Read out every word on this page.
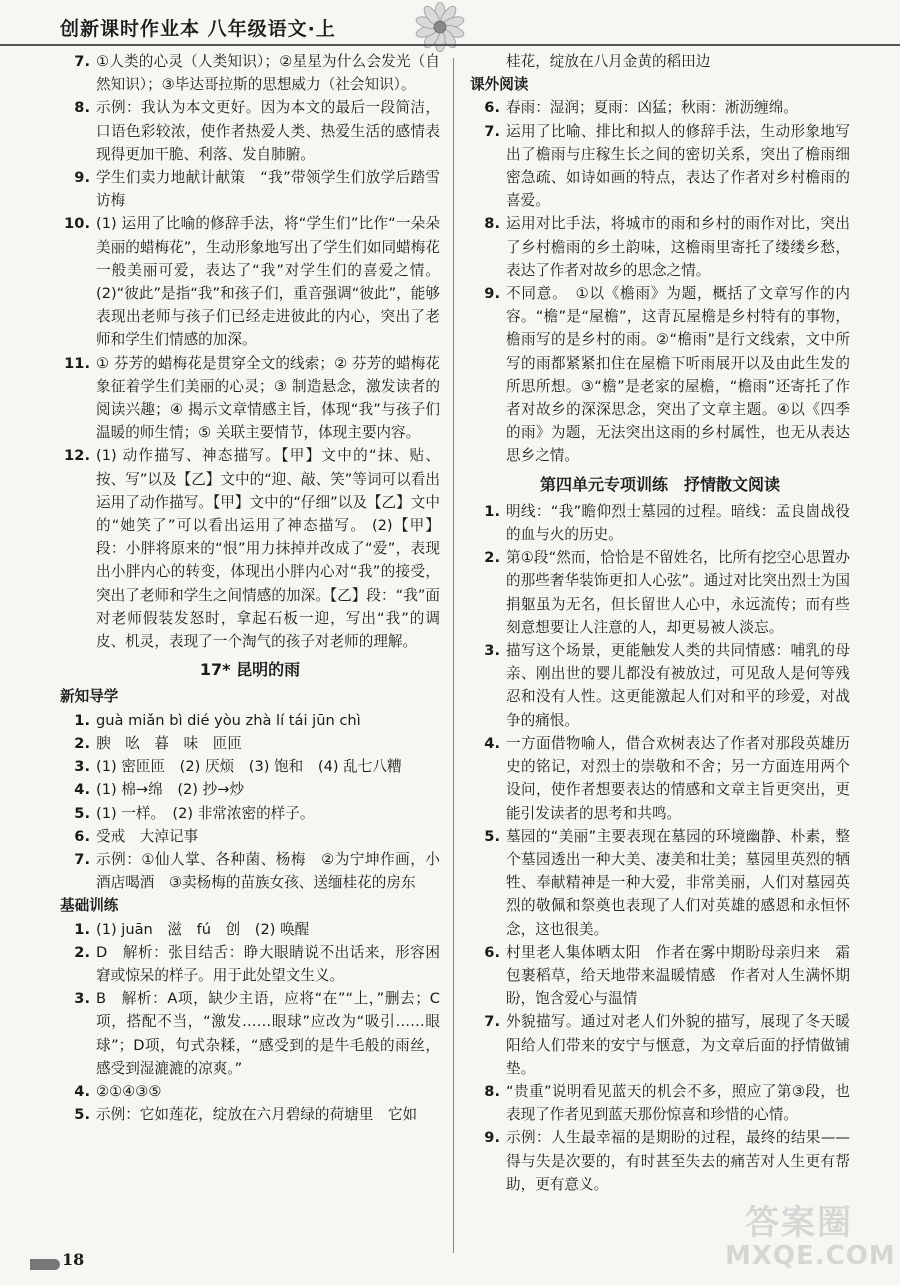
创新课时作业本 八年级语文·上
7. ①人类的心灵（人类知识）；②星星为什么会发光（自然知识）；③毕达哥拉斯的思想威力（社会知识）。
8. 示例：我认为本文更好。因为本文的最后一段简洁，口语色彩较浓，使作者热爱人类、热爱生活的感情表现得更加干脆、利落、发自肺腑。
9. 学生们卖力地献计献策　“我”带领学生们放学后踏雪访梅
10. (1) 运用了比喻的修辞手法，将“学生们”比作“一朵朵美丽的蜡梅花”，生动形象地写出了学生们如同蜡梅花一般美丽可爱，表达了“我”对学生们的喜爱之情。 (2)“彼此”是指“我”和孩子们，重音强调“彼此”，能够表现出老师与孩子们已经走进彼此的内心，突出了老师和学生们情感的加深。
11. ① 芬芳的蜡梅花是贯穿全文的线索；② 芬芳的蜡梅花象征着学生们美丽的心灵；③ 制造悬念，激发读者的阅读兴趣；④ 揭示文章情感主旨，体现“我”与孩子们温暖的师生情；⑤ 关联主要情节，体现主要内容。
12. (1) 动作描写、神态描写。【甲】文中的“抹、贴、按、写”以及【乙】文中的“迎、敲、笑”等词可以看出运用了动作描写。【甲】文中的“仔细”以及【乙】文中的“她笑了”可以看出运用了神态描写。 (2)【甲】段：小胖将原来的“恨”用力抹掉并改成了“爱”，表现出小胖内心的转变，体现出小胖内心对“我”的接受，突出了老师和学生之间情感的加深。【乙】段：“我”面对老师假装发怒时，拿起石板一迎，写出“我”的调皮、机灵，表现了一个淘气的孩子对老师的理解。
17* 昆明的雨
新知导学
1. guà miǎn bì dié yòu zhà lí tái jūn chì
2. 腴　吆　暮　味　匝匝
3. (1) 密匝匝　(2) 厌烦　(3) 饱和　(4) 乱七八糟
4. (1) 棉→绵　(2) 抄→炒
5. (1) 一样。　(2) 非常浓密的样子。
6. 受戒　大淖记事
7. 示例：①仙人掌、各种菌、杨梅　②为宁坤作画，小酒店喝酒　③卖杨梅的苗族女孩、送缅桂花的房东
基础训练
1. (1) juān　滋　fú　创　(2) 唤醒
2. D　解析：张目结舌：睁大眼睛说不出话来，形容困窘或惊呆的样子。用于此处望文生义。
3. B　解析：A项，缺少主语，应将“在”“上，”删去；C项，搭配不当，“激发……眼球”应改为“吸引……眼球”；D项，句式杂糅，“感受到的是牛毛般的雨丝，感受到湿漉漉的凉爽。”
4. ②①④③⑤
5. 示例：它如莲花，绽放在六月碧绿的荷塘里　它如
桂花，绽放在八月金黄的稻田边
课外阅读
6. 春雨：湿润；夏雨：凶猛；秋雨：淅沥缠绵。
7. 运用了比喻、排比和拟人的修辞手法，生动形象地写出了檐雨与庄稼生长之间的密切关系，突出了檐雨细密急疏、如诗如画的特点，表达了作者对乡村檐雨的喜爱。
8. 运用对比手法，将城市的雨和乡村的雨作对比，突出了乡村檐雨的乡土韵味，这檐雨里寄托了缕缕乡愁，表达了作者对故乡的思念之情。
9. 不同意。　①以《檐雨》为题，概括了文章写作的内容。“檐”是“屋檐”，这青瓦屋檐是乡村特有的事物，檐雨写的是乡村的雨。②“檐雨”是行文线索，文中所写的雨都紧紧扣住在屋檐下听雨展开以及由此生发的所思所想。③“檐”是老家的屋檐，“檐雨”还寄托了作者对故乡的深深思念，突出了文章主题。④以《四季的雨》为题，无法突出这雨的乡村属性，也无从表达思乡之情。
第四单元专项训练　抒情散文阅读
1. 明线：“我”瞻仰烈士墓园的过程。暗线：孟良崮战役的血与火的历史。
2. 第①段“然而，恰恰是不留姓名，比所有挖空心思置办的那些奢华装饰更扣人心弦”。通过对比突出烈士为国捐躯虽为无名，但长留世人心中，永远流传；而有些刻意想要让人注意的人，却更易被人淡忘。
3. 描写这个场景，更能触发人类的共同情感：哺乳的母亲、刚出世的婴儿都没有被放过，可见敌人是何等残忍和没有人性。这更能激起人们对和平的珍爱，对战争的痛恨。
4. 一方面借物喻人，借合欢树表达了作者对那段英雄历史的铭记，对烈士的崇敬和不舍；另一方面连用两个设问，使作者想要表达的情感和文章主旨更突出，更能引发读者的思考和共鸣。
5. 墓园的“美丽”主要表现在墓园的环境幽静、朴素，整个墓园透出一种大美、凄美和壮美；墓园里英烈的牺牲、奉献精神是一种大爱，非常美丽，人们对墓园英烈的敬佩和祭奠也表现了人们对英雄的感恩和永恒怀念，这也很美。
6. 村里老人集体晒太阳　作者在雾中期盼母亲归来　霜包裹稻草，给天地带来温暖情感　作者对人生满怀期盼，饱含爱心与温情
7. 外貌描写。通过对老人们外貌的描写，展现了冬天暖阳给人们带来的安宁与惬意，为文章后面的抒情做铺垫。
8. “贵重”说明看见蓝天的机会不多，照应了第③段，也表现了作者见到蓝天那份惊喜和珍惜的心情。
9. 示例：人生最幸福的是期盼的过程，最终的结果——得与失是次要的，有时甚至失去的痛苦对人生更有帮助，更有意义。
18
答案圈
MXQE.COM
